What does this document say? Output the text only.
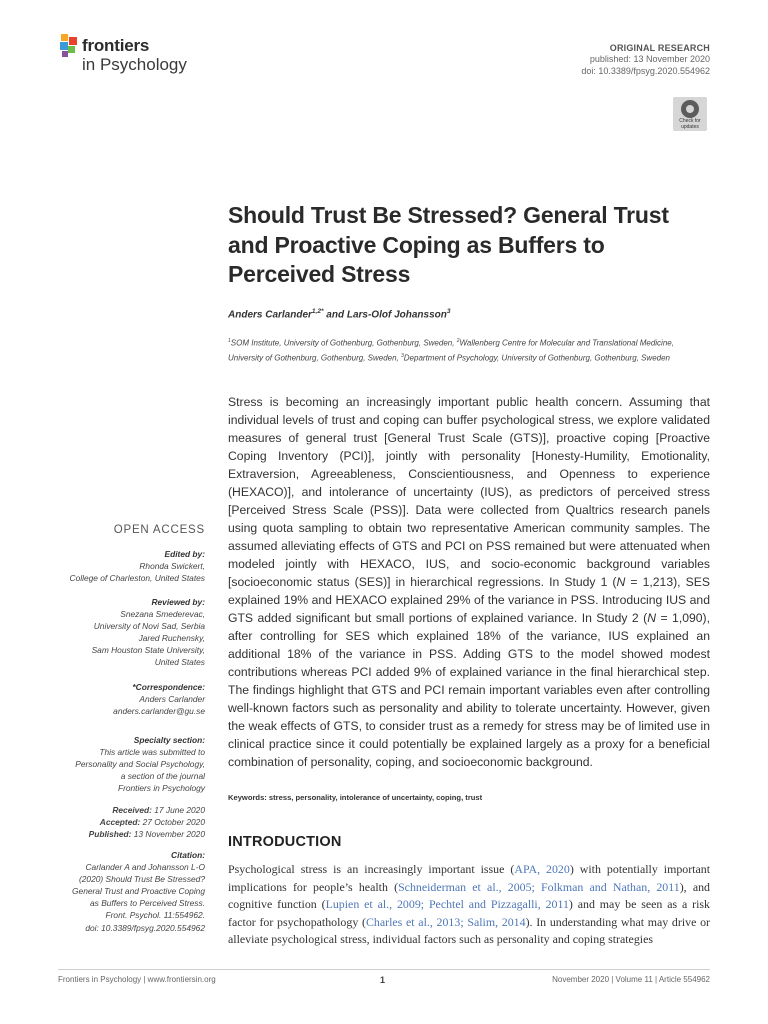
frontiers
in Psychology
ORIGINAL RESEARCH
published: 13 November 2020
doi: 10.3389/fpsyg.2020.554962
Check for updates
Should Trust Be Stressed? General Trust and Proactive Coping as Buffers to Perceived Stress
Anders Carlander$^{1,2*}$ and Lars-Olof Johansson$^3$
$^1$SOM Institute, University of Gothenburg, Gothenburg, Sweden, $^2$Wallenberg Centre for Molecular and Translational Medicine, University of Gothenburg, Gothenburg, Sweden, $^3$Department of Psychology, University of Gothenburg, Gothenburg, Sweden
Stress is becoming an increasingly important public health concern. Assuming that individual levels of trust and coping can buffer psychological stress, we explore validated measures of general trust [General Trust Scale (GTS)], proactive coping [Proactive Coping Inventory (PCI)], jointly with personality [Honesty-Humility, Emotionality, Extraversion, Agreeableness, Conscientiousness, and Openness to experience (HEXACO)], and intolerance of uncertainty (IUS), as predictors of perceived stress [Perceived Stress Scale (PSS)]. Data were collected from Qualtrics research panels using quota sampling to obtain two representative American community samples. The assumed alleviating effects of GTS and PCI on PSS remained but were attenuated when modeled jointly with HEXACO, IUS, and socio-economic background variables [socioeconomic status (SES)] in hierarchical regressions. In Study 1 (N = 1,213), SES explained 19% and HEXACO explained 29% of the variance in PSS. Introducing IUS and GTS added significant but small portions of explained variance. In Study 2 (N = 1,090), after controlling for SES which explained 18% of the variance, IUS explained an additional 18% of the variance in PSS. Adding GTS to the model showed modest contributions whereas PCI added 9% of explained variance in the final hierarchical step. The findings highlight that GTS and PCI remain important variables even after controlling well-known factors such as personality and ability to tolerate uncertainty. However, given the weak effects of GTS, to consider trust as a remedy for stress may be of limited use in clinical practice since it could potentially be explained largely as a proxy for a beneficial combination of personality, coping, and socioeconomic background.
Keywords: stress, personality, intolerance of uncertainty, coping, trust
INTRODUCTION
Psychological stress is an increasingly important issue (APA, 2020) with potentially important implications for people’s health (Schneiderman et al., 2005; Folkman and Nathan, 2011), and cognitive function (Lupien et al., 2009; Pechtel and Pizzagalli, 2011) and may be seen as a risk factor for psychopathology (Charles et al., 2013; Salim, 2014). In understanding what may drive or alleviate psychological stress, individual factors such as personality and coping strategies
OPEN ACCESS
Edited by:
Rhonda Swickert,
College of Charleston, United States
Reviewed by:
Snezana Smederevac,
University of Novi Sad, Serbia
Jared Ruchensky,
Sam Houston State University,
United States
*Correspondence:
Anders Carlander
anders.carlander@gu.se
Specialty section:
This article was submitted to
Personality and Social Psychology,
a section of the journal
Frontiers in Psychology
Received: 17 June 2020
Accepted: 27 October 2020
Published: 13 November 2020
Citation:
Carlander A and Johansson L-O
(2020) Should Trust Be Stressed?
General Trust and Proactive Coping
as Buffers to Perceived Stress.
Front. Psychol. 11:554962.
doi: 10.3389/fpsyg.2020.554962
Frontiers in Psychology | www.frontiersin.org	1	November 2020 | Volume 11 | Article 554962
